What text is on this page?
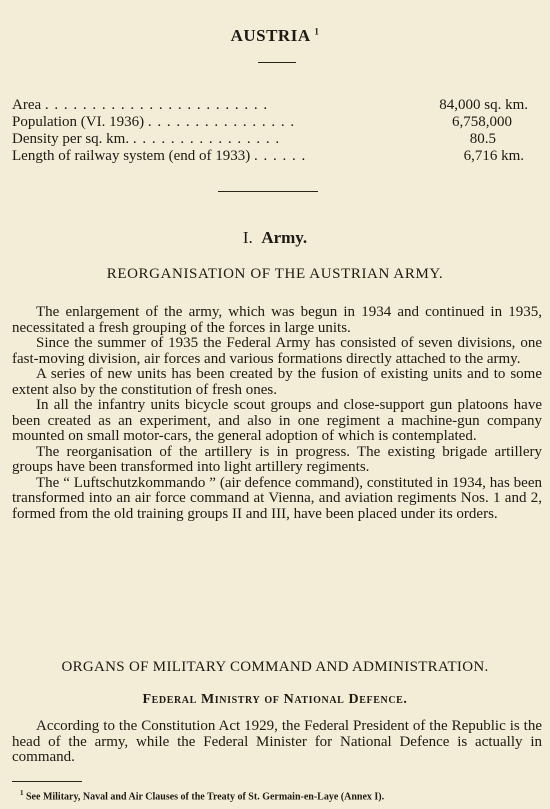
AUSTRIA $^1$
Area . . . . . . . . . . . . . . . . . . . . . . . .	84,000 sq. km.
Population (VI. 1936) . . . . . . . . . . . . . . . .	6,758,000
Density per sq. km. . . . . . . . . . . . . . . . .	80.5
Length of railway system (end of 1933) . . . . . .	6,716 km.
I. Army.
REORGANISATION OF THE AUSTRIAN ARMY.

The enlargement of the army, which was begun in 1934 and continued in 1935, necessitated a fresh grouping of the forces in large units.

Since the summer of 1935 the Federal Army has consisted of seven divisions, one fast-moving division, air forces and various formations directly attached to the army.

A series of new units has been created by the fusion of existing units and to some extent also by the constitution of fresh ones.

In all the infantry units bicycle scout groups and close-support gun platoons have been created as an experiment, and also in one regiment a machine-gun company mounted on small motor-cars, the general adoption of which is contemplated.

The reorganisation of the artillery is in progress. The existing brigade artillery groups have been transformed into light artillery regiments.

The “ Luftschutzkommando ” (air defence command), constituted in 1934, has been transformed into an air force command at Vienna, and aviation regiments Nos. 1 and 2, formed from the old training groups II and III, have been placed under its orders.

ORGANS OF MILITARY COMMAND AND ADMINISTRATION.
Federal Ministry of National Defence.

According to the Constitution Act 1929, the Federal President of the Republic is the head of the army, while the Federal Minister for National Defence is actually in command.

$^1$ See Military, Naval and Air Clauses of the Treaty of St. Germain-en-Laye (Annex I).
